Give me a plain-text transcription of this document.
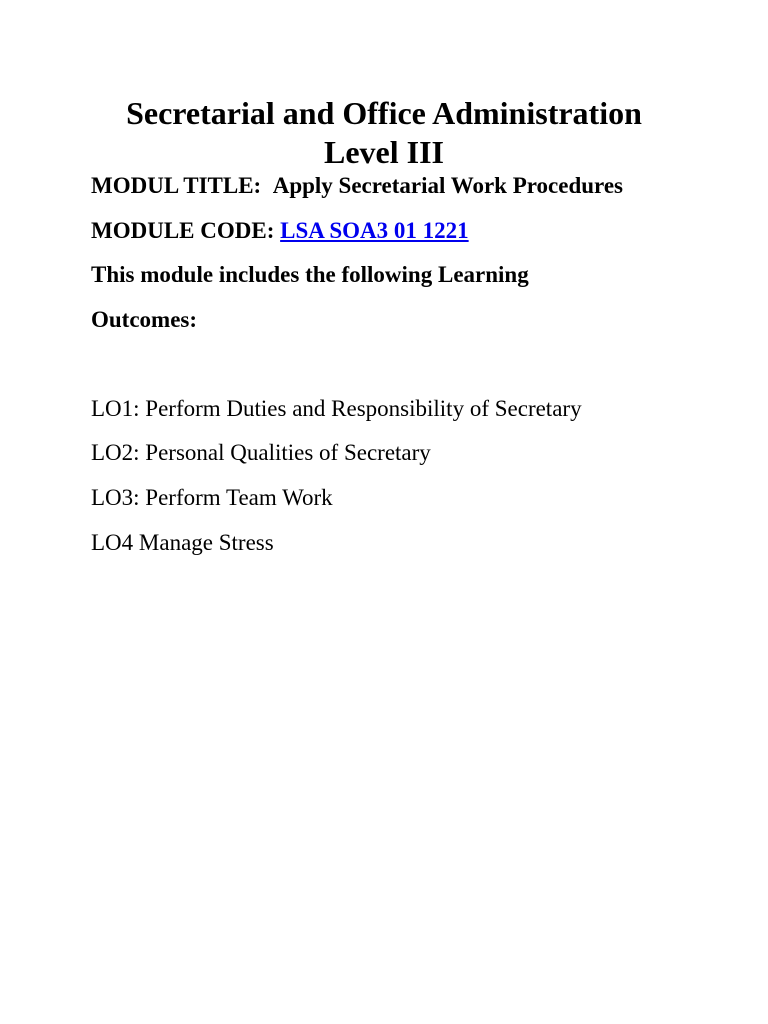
Secretarial and Office Administration
Level III
MODUL TITLE: Apply Secretarial Work Procedures
MODULE CODE: LSA SOA3 01 1221
This module includes the following Learning
Outcomes:
LO1: Perform Duties and Responsibility of Secretary
LO2: Personal Qualities of Secretary
LO3: Perform Team Work
LO4 Manage Stress
